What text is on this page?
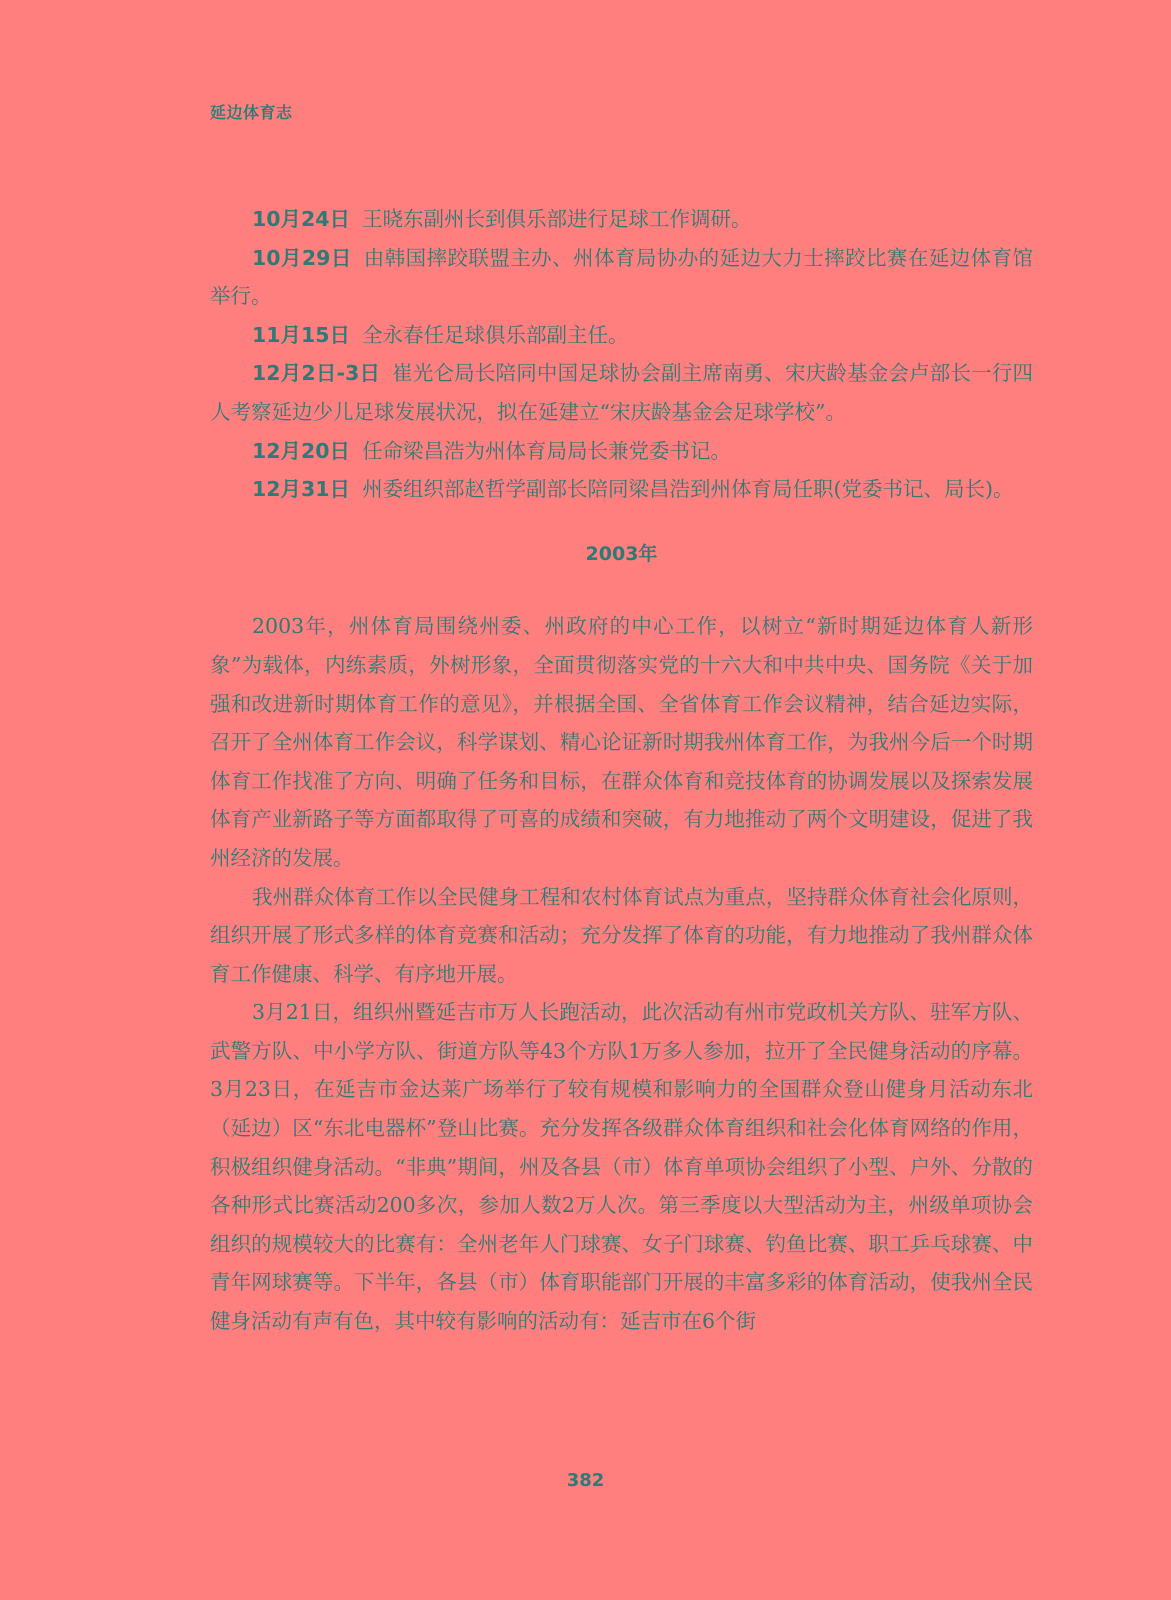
延边体育志

10月24日 王晓东副州长到俱乐部进行足球工作调研。

10月29日 由韩国摔跤联盟主办、州体育局协办的延边大力士摔跤比赛在延边体育馆举行。

11月15日 全永春任足球俱乐部副主任。

12月2日-3日 崔光仑局长陪同中国足球协会副主席南勇、宋庆龄基金会卢部长一行四人考察延边少儿足球发展状况，拟在延建立“宋庆龄基金会足球学校”。

12月20日 任命梁昌浩为州体育局局长兼党委书记。

12月31日 州委组织部赵哲学副部长陪同梁昌浩到州体育局任职(党委书记、局长)。

2003年

2003年，州体育局围绕州委、州政府的中心工作，以树立“新时期延边体育人新形象”为载体，内练素质，外树形象，全面贯彻落实党的十六大和中共中央、国务院《关于加强和改进新时期体育工作的意见》，并根据全国、全省体育工作会议精神，结合延边实际，召开了全州体育工作会议，科学谋划、精心论证新时期我州体育工作，为我州今后一个时期体育工作找准了方向、明确了任务和目标，在群众体育和竞技体育的协调发展以及探索发展体育产业新路子等方面都取得了可喜的成绩和突破，有力地推动了两个文明建设，促进了我州经济的发展。

我州群众体育工作以全民健身工程和农村体育试点为重点，坚持群众体育社会化原则，组织开展了形式多样的体育竞赛和活动；充分发挥了体育的功能，有力地推动了我州群众体育工作健康、科学、有序地开展。

3月21日，组织州暨延吉市万人长跑活动，此次活动有州市党政机关方队、驻军方队、武警方队、中小学方队、街道方队等43个方队1万多人参加，拉开了全民健身活动的序幕。3月23日，在延吉市金达莱广场举行了较有规模和影响力的全国群众登山健身月活动东北（延边）区“东北电器杯”登山比赛。充分发挥各级群众体育组织和社会化体育网络的作用，积极组织健身活动。“非典”期间，州及各县（市）体育单项协会组织了小型、户外、分散的各种形式比赛活动200多次，参加人数2万人次。第三季度以大型活动为主，州级单项协会组织的规模较大的比赛有：全州老年人门球赛、女子门球赛、钓鱼比赛、职工乒乓球赛、中青年网球赛等。下半年，各县（市）体育职能部门开展的丰富多彩的体育活动，使我州全民健身活动有声有色，其中较有影响的活动有：延吉市在6个街

382
